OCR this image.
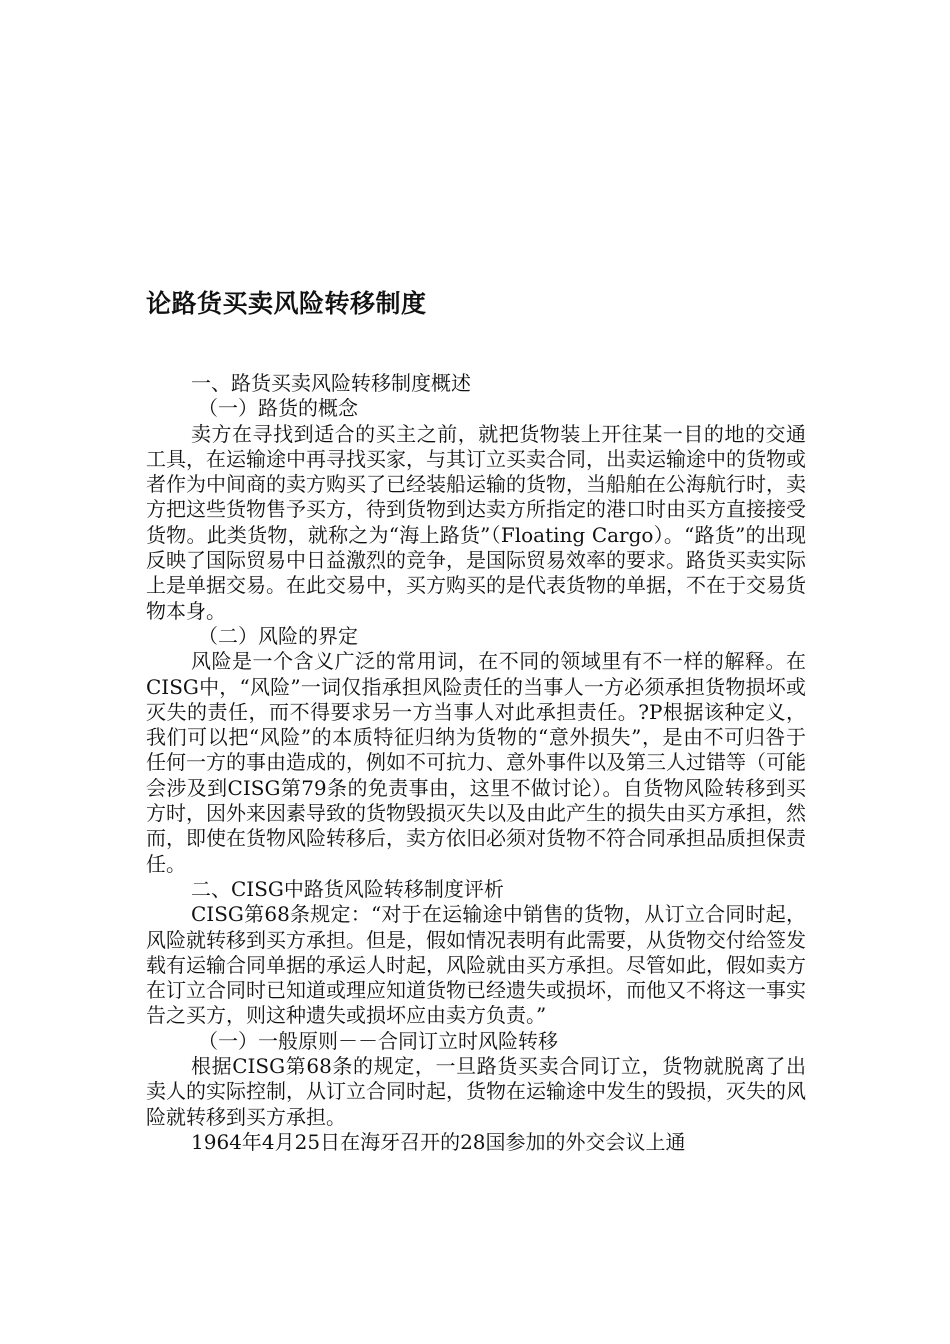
论路货买卖风险转移制度

一、路货买卖风险转移制度概述

（一）路货的概念

卖方在寻找到适合的买主之前，就把货物装上开往某一目的地的交通工具，在运输途中再寻找买家，与其订立买卖合同，出卖运输途中的货物或者作为中间商的卖方购买了已经装船运输的货物，当船舶在公海航行时，卖方把这些货物售予买方，待到货物到达卖方所指定的港口时由买方直接接受货物。此类货物，就称之为“海上路货”（Floating Cargo）。“路货”的出现反映了国际贸易中日益激烈的竞争，是国际贸易效率的要求。路货买卖实际上是单据交易。在此交易中，买方购买的是代表货物的单据，不在于交易货物本身。

（二）风险的界定

风险是一个含义广泛的常用词，在不同的领域里有不一样的解释。在CISG中，“风险”一词仅指承担风险责任的当事人一方必须承担货物损坏或灭失的责任，而不得要求另一方当事人对此承担责任。?P根据该种定义，我们可以把“风险”的本质特征归纳为货物的“意外损失”，是由不可归咎于任何一方的事由造成的，例如不可抗力、意外事件以及第三人过错等（可能会涉及到CISG第79条的免责事由，这里不做讨论）。自货物风险转移到买方时，因外来因素导致的货物毁损灭失以及由此产生的损失由买方承担，然而，即使在货物风险转移后，卖方依旧必须对货物不符合同承担品质担保责任。

二、CISG中路货风险转移制度评析

CISG第68条规定：“对于在运输途中销售的货物，从订立合同时起，风险就转移到买方承担。但是，假如情况表明有此需要，从货物交付给签发载有运输合同单据的承运人时起，风险就由买方承担。尽管如此，假如卖方在订立合同时已知道或理应知道货物已经遗失或损坏，而他又不将这一事实告之买方，则这种遗失或损坏应由卖方负责。”

（一）一般原则－－合同订立时风险转移

根据CISG第68条的规定，一旦路货买卖合同订立，货物就脱离了出卖人的实际控制，从订立合同时起，货物在运输途中发生的毁损，灭失的风险就转移到买方承担。

1964年4月25日在海牙召开的28国参加的外交会议上通
